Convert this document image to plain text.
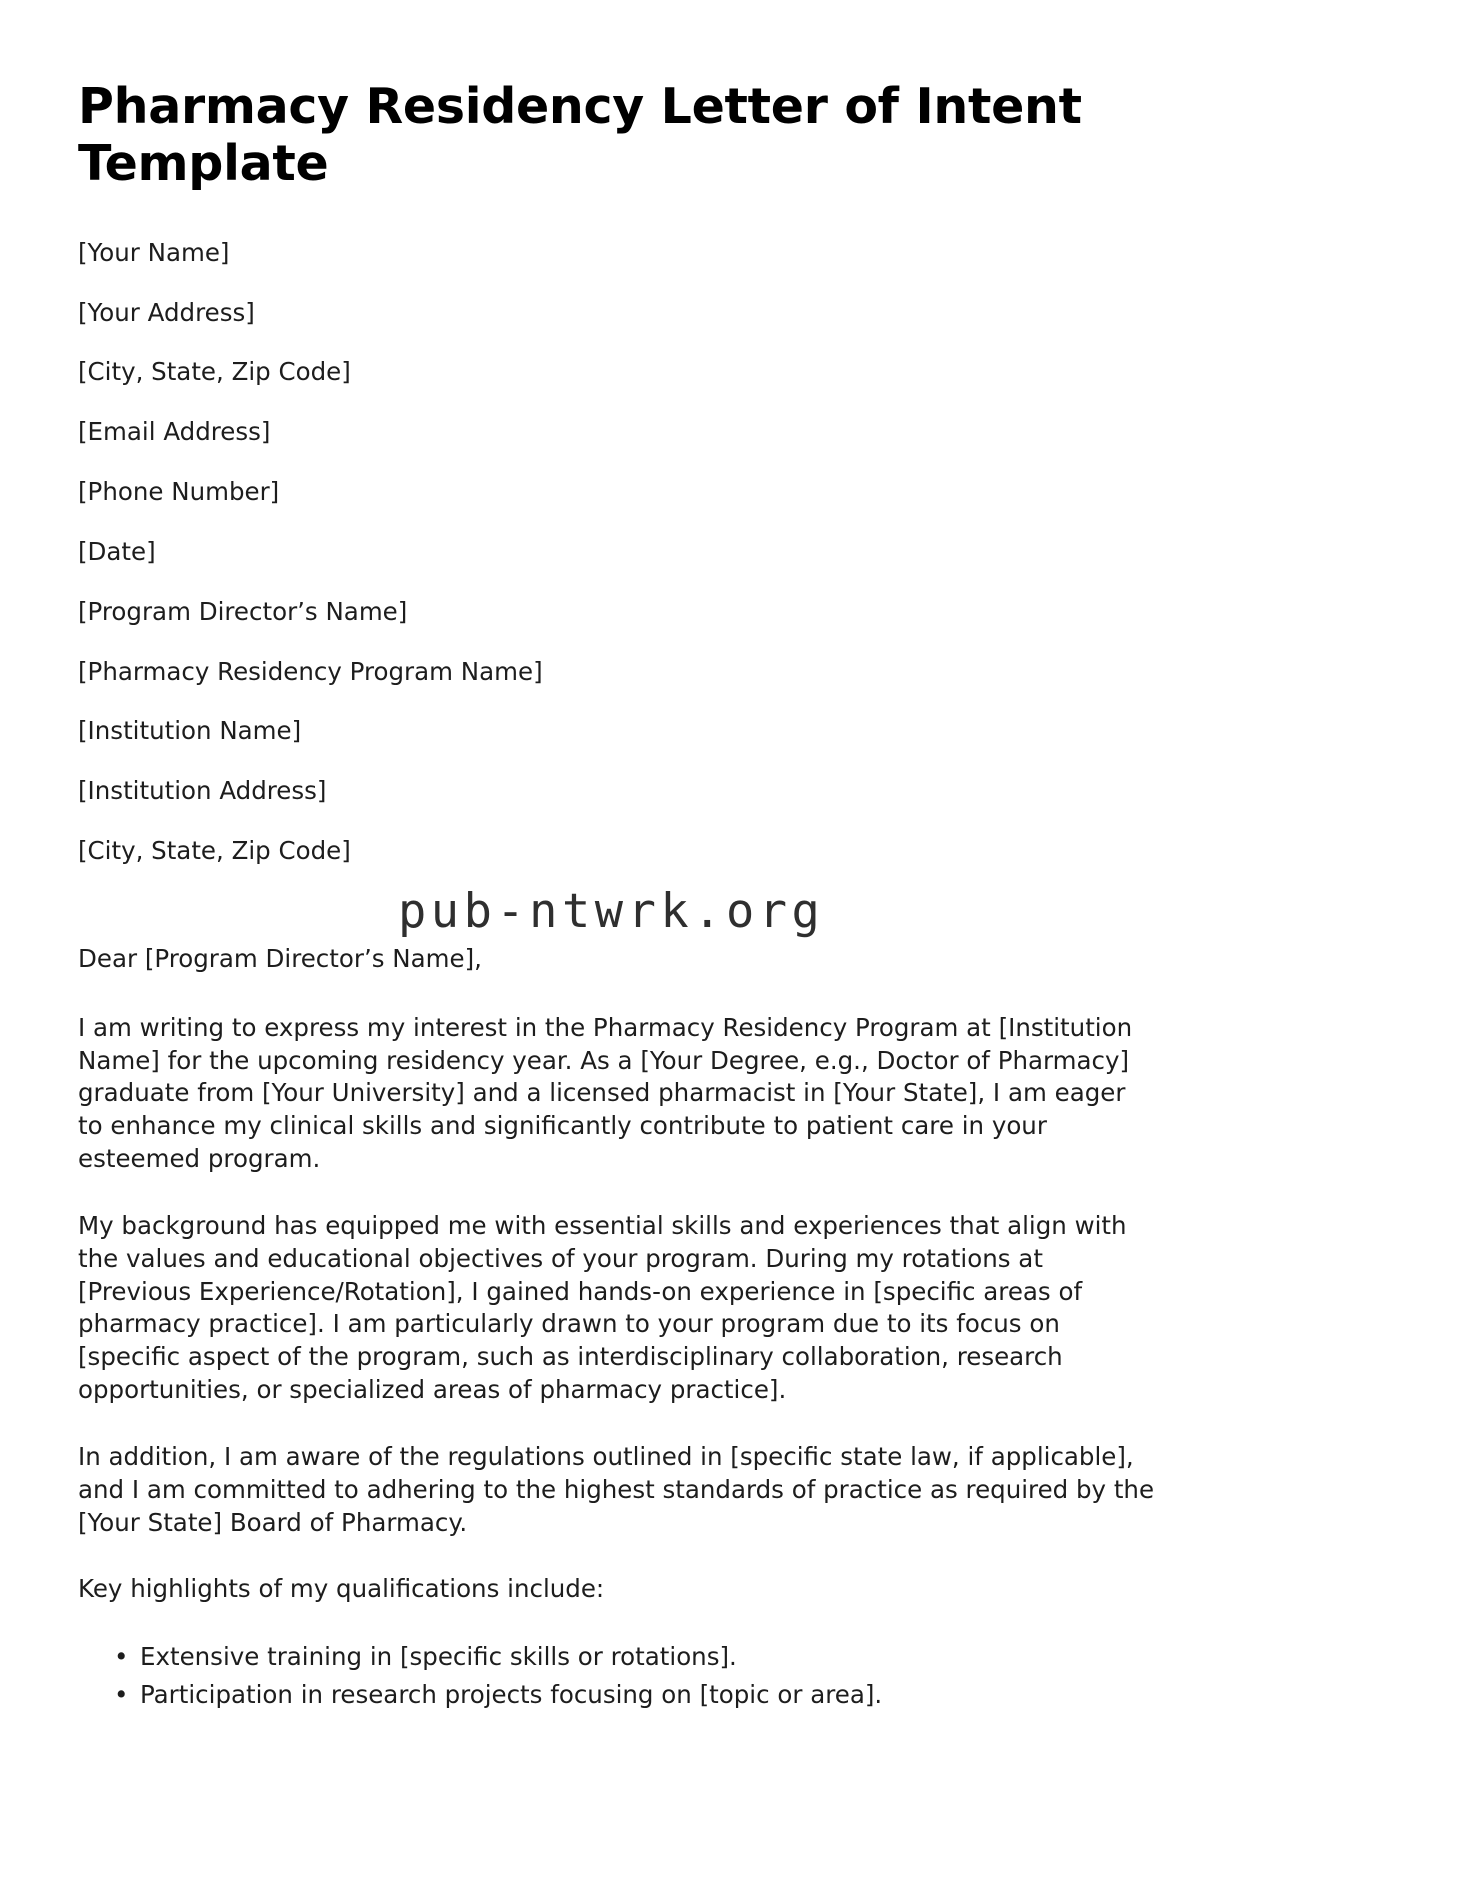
Pharmacy Residency Letter of Intent Template

[Your Name]

[Your Address]

[City, State, Zip Code]

[Email Address]

[Phone Number]

[Date]

[Program Director’s Name]

[Pharmacy Residency Program Name]

[Institution Name]

[Institution Address]

[City, State, Zip Code]

Dear [Program Director’s Name],

I am writing to express my interest in the Pharmacy Residency Program at [Institution Name] for the upcoming residency year. As a [Your Degree, e.g., Doctor of Pharmacy] graduate from [Your University] and a licensed pharmacist in [Your State], I am eager to enhance my clinical skills and significantly contribute to patient care in your esteemed program.

My background has equipped me with essential skills and experiences that align with the values and educational objectives of your program. During my rotations at [Previous Experience/Rotation], I gained hands-on experience in [specific areas of pharmacy practice]. I am particularly drawn to your program due to its focus on [specific aspect of the program, such as interdisciplinary collaboration, research opportunities, or specialized areas of pharmacy practice].

In addition, I am aware of the regulations outlined in [specific state law, if applicable], and I am committed to adhering to the highest standards of practice as required by the [Your State] Board of Pharmacy.

Key highlights of my qualifications include:

• Extensive training in [specific skills or rotations].
• Participation in research projects focusing on [topic or area].
pub-ntwrk.org
